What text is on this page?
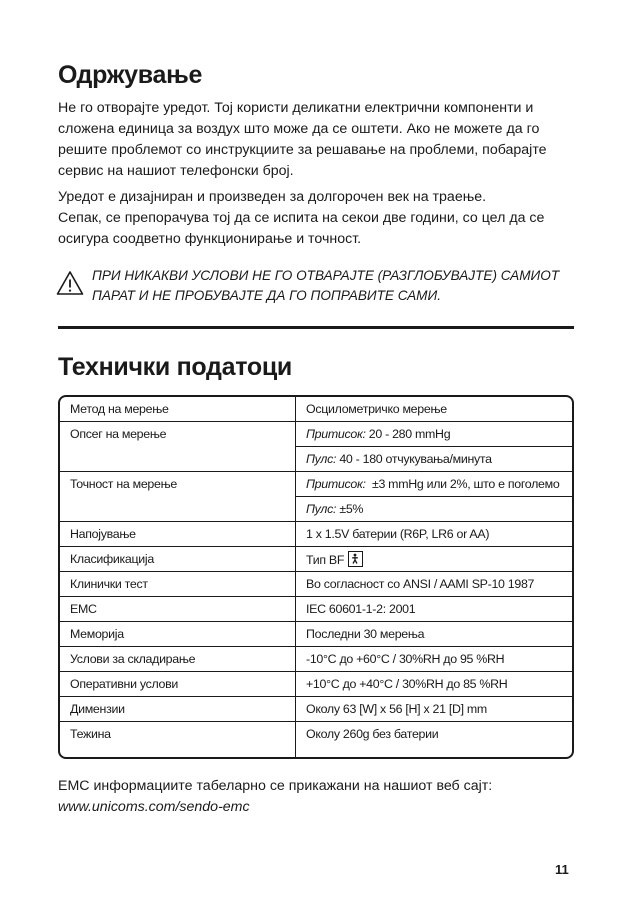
Одржување

Не го отворајте уредот. Тој користи деликатни електрични компоненти и сложена единица за воздух што може да се оштети. Ако не можете да го решите проблемот со инструкциите за решавање на проблеми, побарајте сервис на нашиот телефонски број.

Уредот е дизајниран и произведен за долгорочен век на траење.
Сепак, се препорачува тој да се испита на секои две години, со цел да се осигура соодветно функционирање и точност.

ПРИ НИКАКВИ УСЛОВИ НЕ ГО ОТВАРАЈТЕ (РАЗГЛОБУВАЈТЕ) САМИОТ ПАРАТ И НЕ ПРОБУВАЈТЕ ДА ГО ПОПРАВИТЕ САМИ.

Технички податоци
Метод на мерење	Осцилометричко мерење
Опсег на мерење	Притисок: 20 - 280 mmHg
	Пулс: 40 - 180 отчукувања/минута
Точност на мерење	Притисок:  ±3 mmHg или 2%, што е поголемо
	Пулс: ±5%
Напојување	1 x 1.5V батерии (R6P, LR6 or AA)
Класификација	Тип BF

Клинички тест	Во согласност со ANSI / AAMI SP-10 1987
EMC	IEC 60601-1-2: 2001
Меморија	Последни 30 мерења
Услови за складирање	-10°C до +60°C / 30%RH до 95 %RH
Оперативни услови	+10°C до +40°C / 30%RH до 85 %RH
Димензии	Околу 63 [W] x 56 [H] x 21 [D] mm
Тежина	Околу 260g без батерии

EMC информациите табеларно се прикажани на нашиот веб сајт:
www.unicoms.com/sendo-emc

11
